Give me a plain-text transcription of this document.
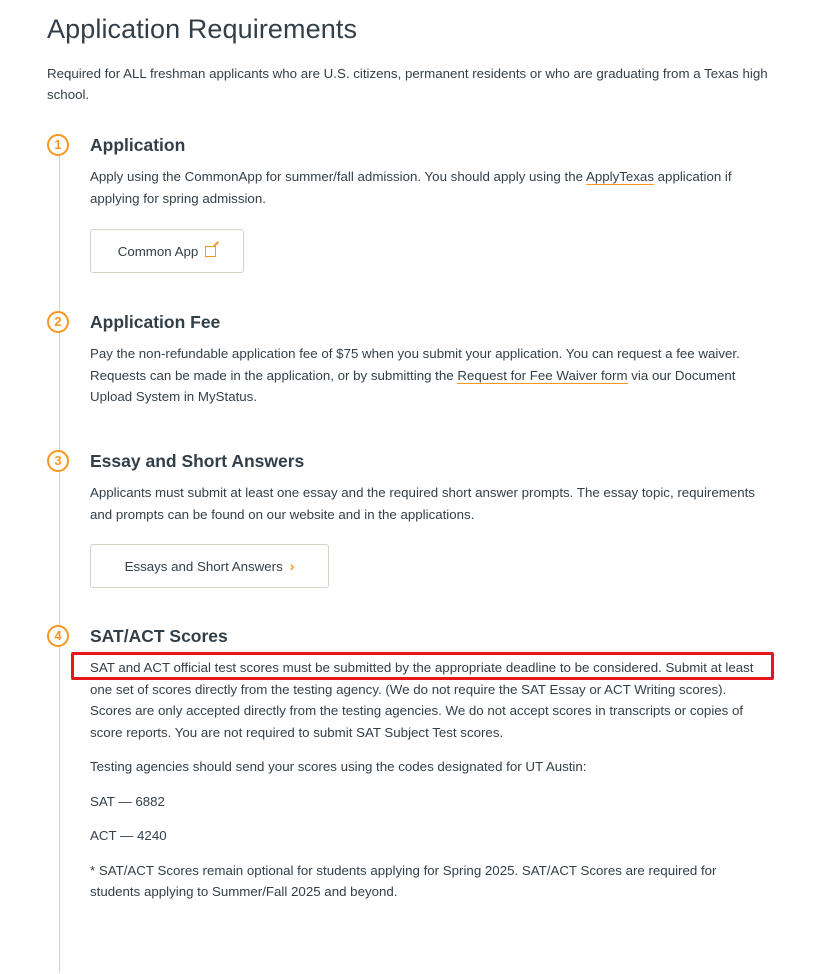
Application Requirements

Required for ALL freshman applicants who are U.S. citizens, permanent residents or who are graduating from a Texas high school.

1	Application
Apply using the CommonApp for summer/fall admission. You should apply using the ApplyTexas application if applying for spring admission.
Common App
2	Application Fee
Pay the non-refundable application fee of $75 when you submit your application. You can request a fee waiver. Requests can be made in the application, or by submitting the Request for Fee Waiver form via our Document Upload System in MyStatus.
3	Essay and Short Answers
Applicants must submit at least one essay and the required short answer prompts. The essay topic, requirements and prompts can be found on our website and in the applications.
Essays and Short Answers ›
4	SAT/ACT Scores

SAT and ACT official test scores must be submitted by the appropriate deadline to be considered. Submit at least one set of scores directly from the testing agency. (We do not require the SAT Essay or ACT Writing scores). Scores are only accepted directly from the testing agencies. We do not accept scores in transcripts or copies of score reports. You are not required to submit SAT Subject Test scores.

Testing agencies should send your scores using the codes designated for UT Austin:

SAT — 6882

ACT — 4240

* SAT/ACT Scores remain optional for students applying for Spring 2025. SAT/ACT Scores are required for students applying to Summer/Fall 2025 and beyond.
